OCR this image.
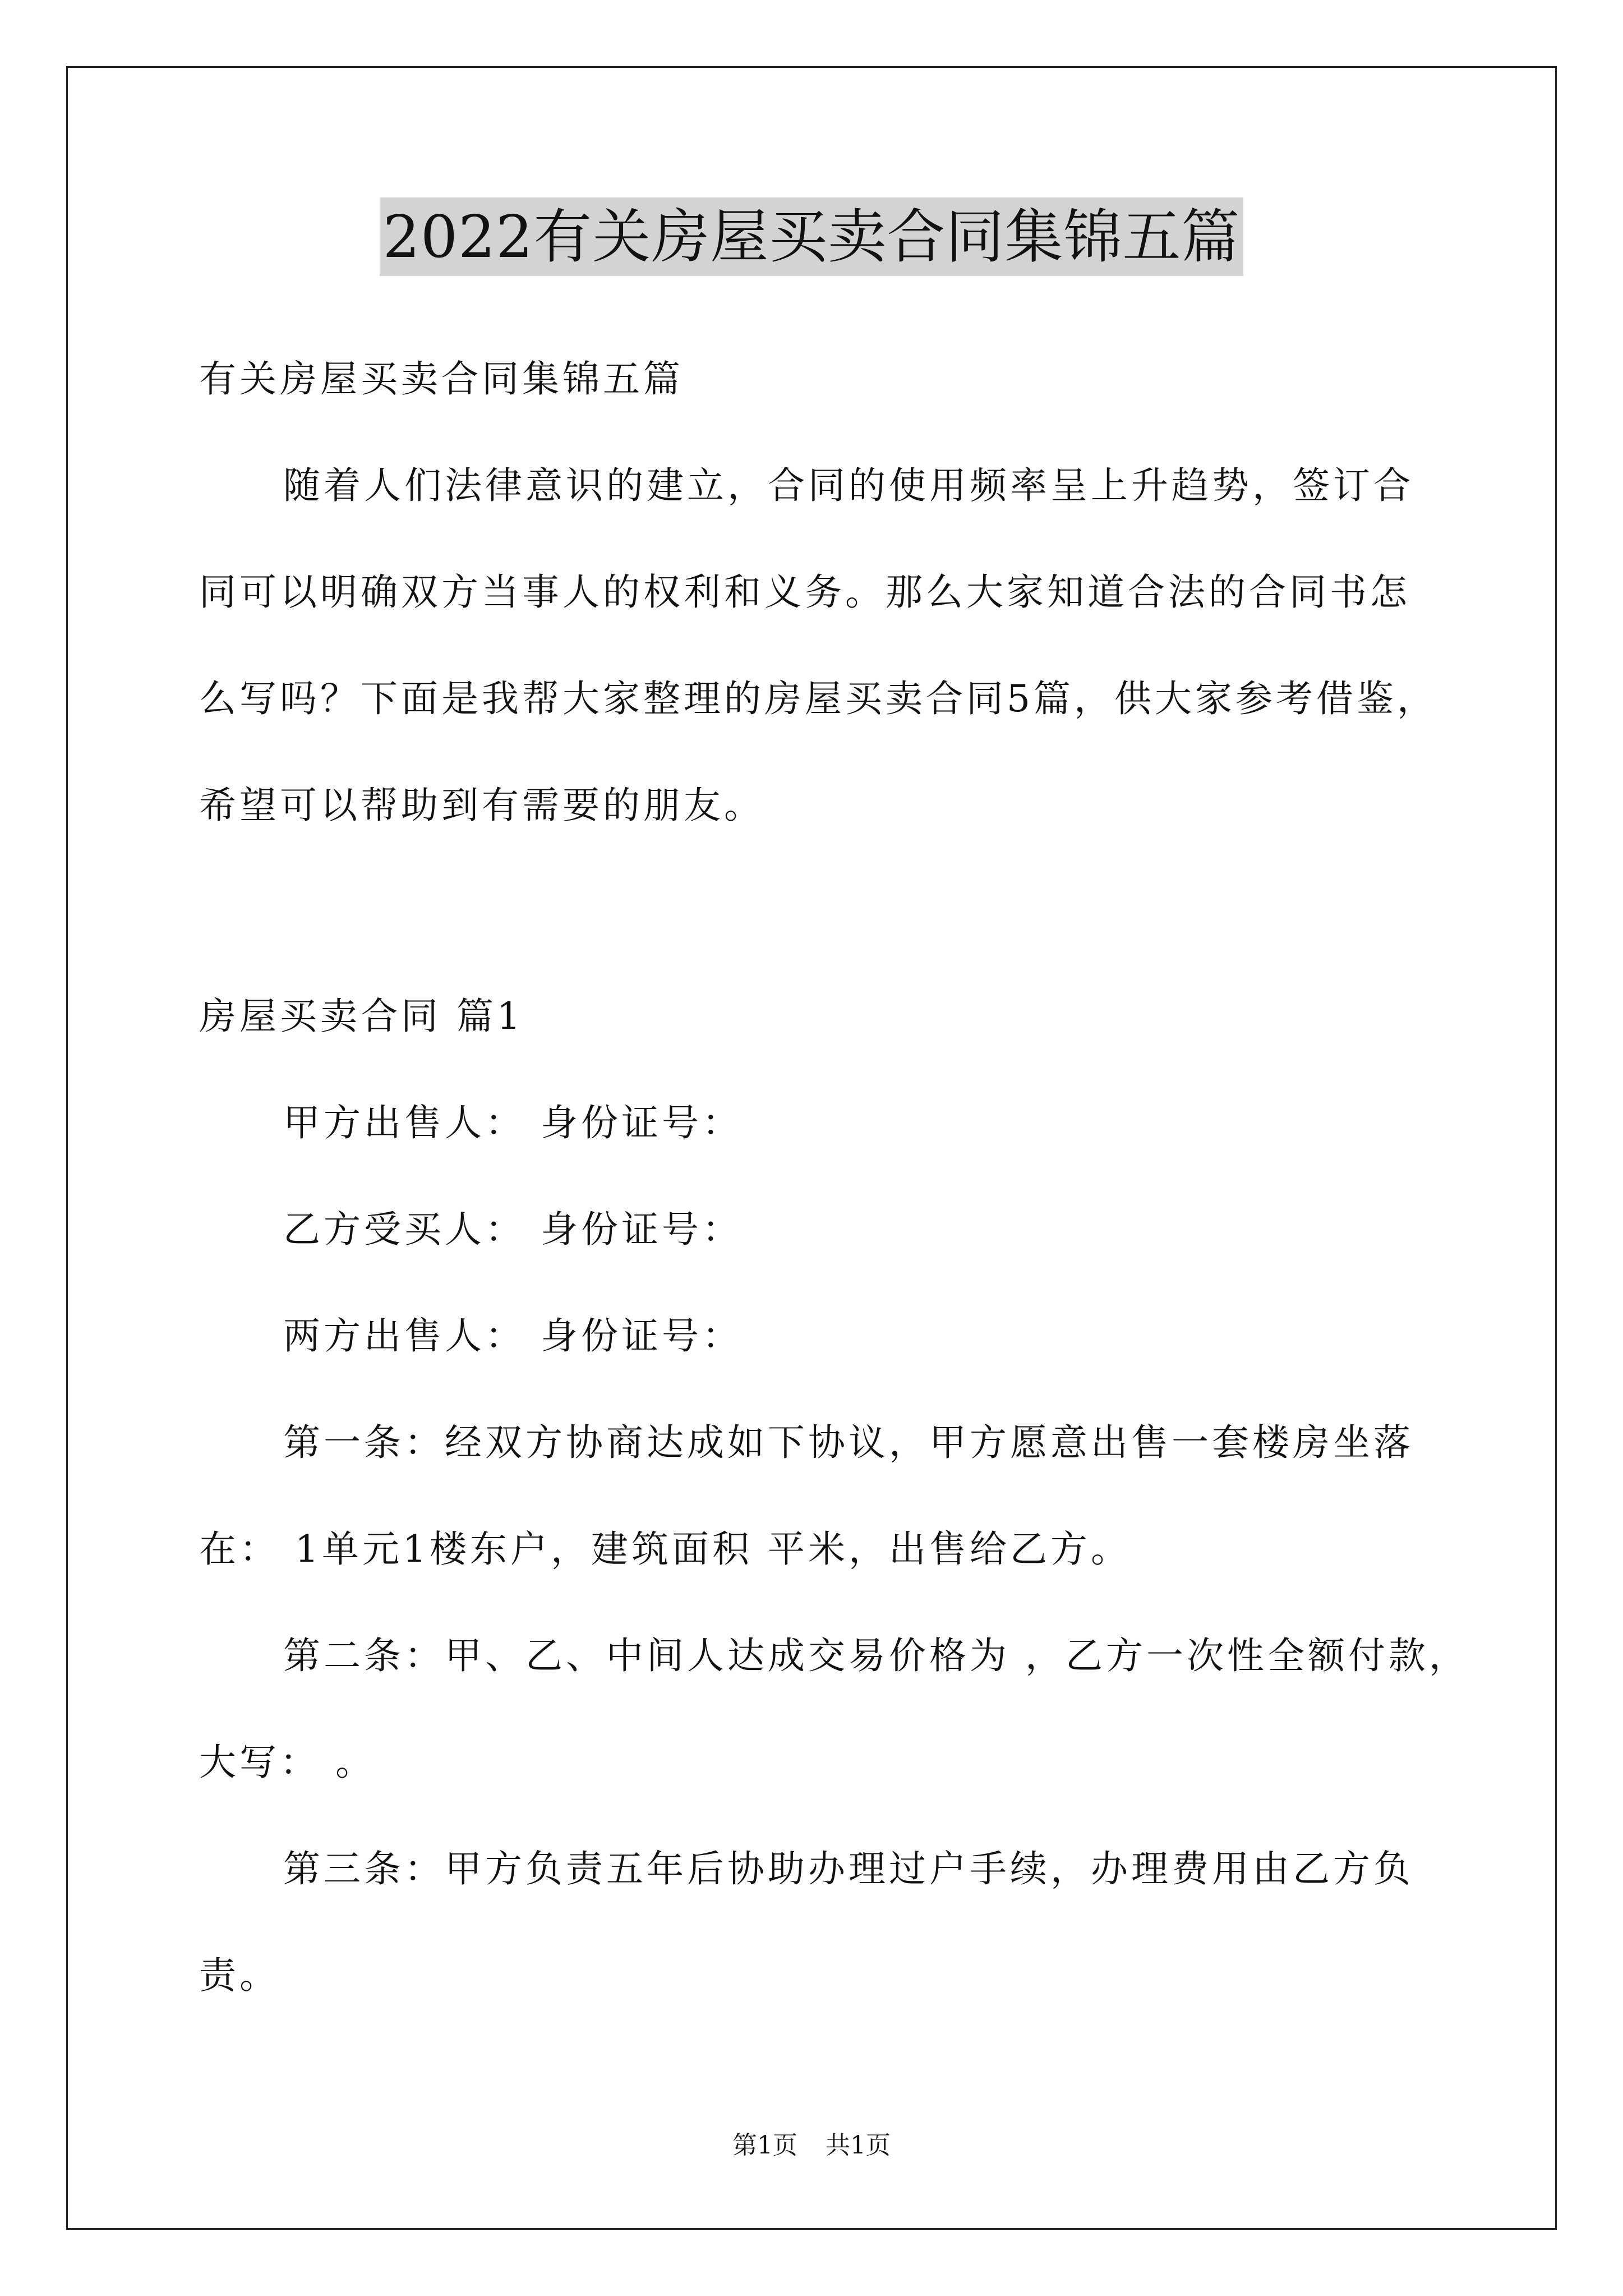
2022有关房屋买卖合同集锦五篇
有关房屋买卖合同集锦五篇
随着人们法律意识的建立，合同的使用频率呈上升趋势，签订合
同可以明确双方当事人的权利和义务。那么大家知道合法的合同书怎
么写吗？下面是我帮大家整理的房屋买卖合同5篇，供大家参考借鉴，
希望可以帮助到有需要的朋友。
房屋买卖合同 篇1
甲方出售人： 身份证号：
乙方受买人： 身份证号：
两方出售人： 身份证号：
第一条：经双方协商达成如下协议，甲方愿意出售一套楼房坐落
在： 1单元1楼东户，建筑面积 平米，出售给乙方。
第二条：甲、乙、中间人达成交易价格为 ，乙方一次性全额付款，
大写： 。
第三条：甲方负责五年后协助办理过户手续，办理费用由乙方负
责。
第1页 共1页
